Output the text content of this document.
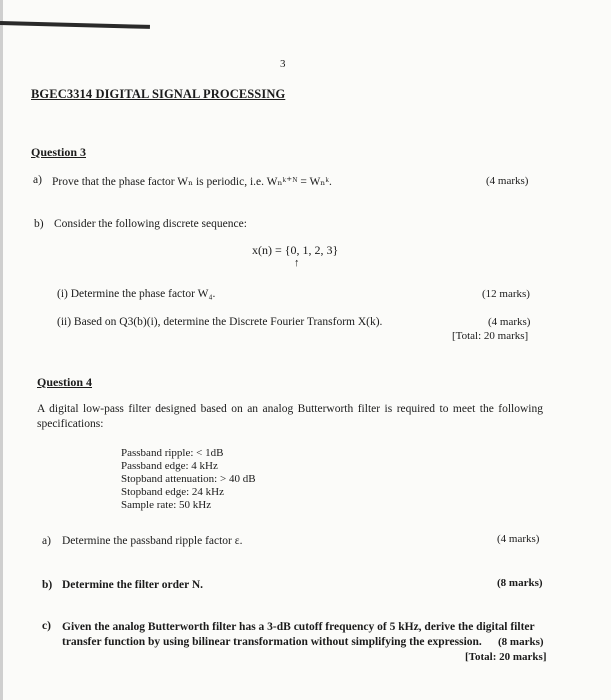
3
BGEC3314 DIGITAL SIGNAL PROCESSING
Question 3
a) Prove that the phase factor Wₙ is periodic, i.e. Wₙᵏ⁺ᴺ = Wₙᵏ.	(4 marks)
b) Consider the following discrete sequence:
x(n) = {0, 1, 2, 3}
↑
(i) Determine the phase factor W₄.	(12 marks)
(ii) Based on Q3(b)(i), determine the Discrete Fourier Transform X(k).	(4 marks)
[Total: 20 marks]
Question 4
A digital low-pass filter designed based on an analog Butterworth filter is required to meet the following specifications:
Passband ripple: < 1dB
Passband edge: 4 kHz
Stopband attenuation: > 40 dB
Stopband edge: 24 kHz
Sample rate: 50 kHz
a) Determine the passband ripple factor ε.	(4 marks)
b) Determine the filter order N.	(8 marks)
c) Given the analog Butterworth filter has a 3-dB cutoff frequency of 5 kHz, derive the digital filter transfer function by using bilinear transformation without simplifying the expression.	(8 marks)
[Total: 20 marks]
